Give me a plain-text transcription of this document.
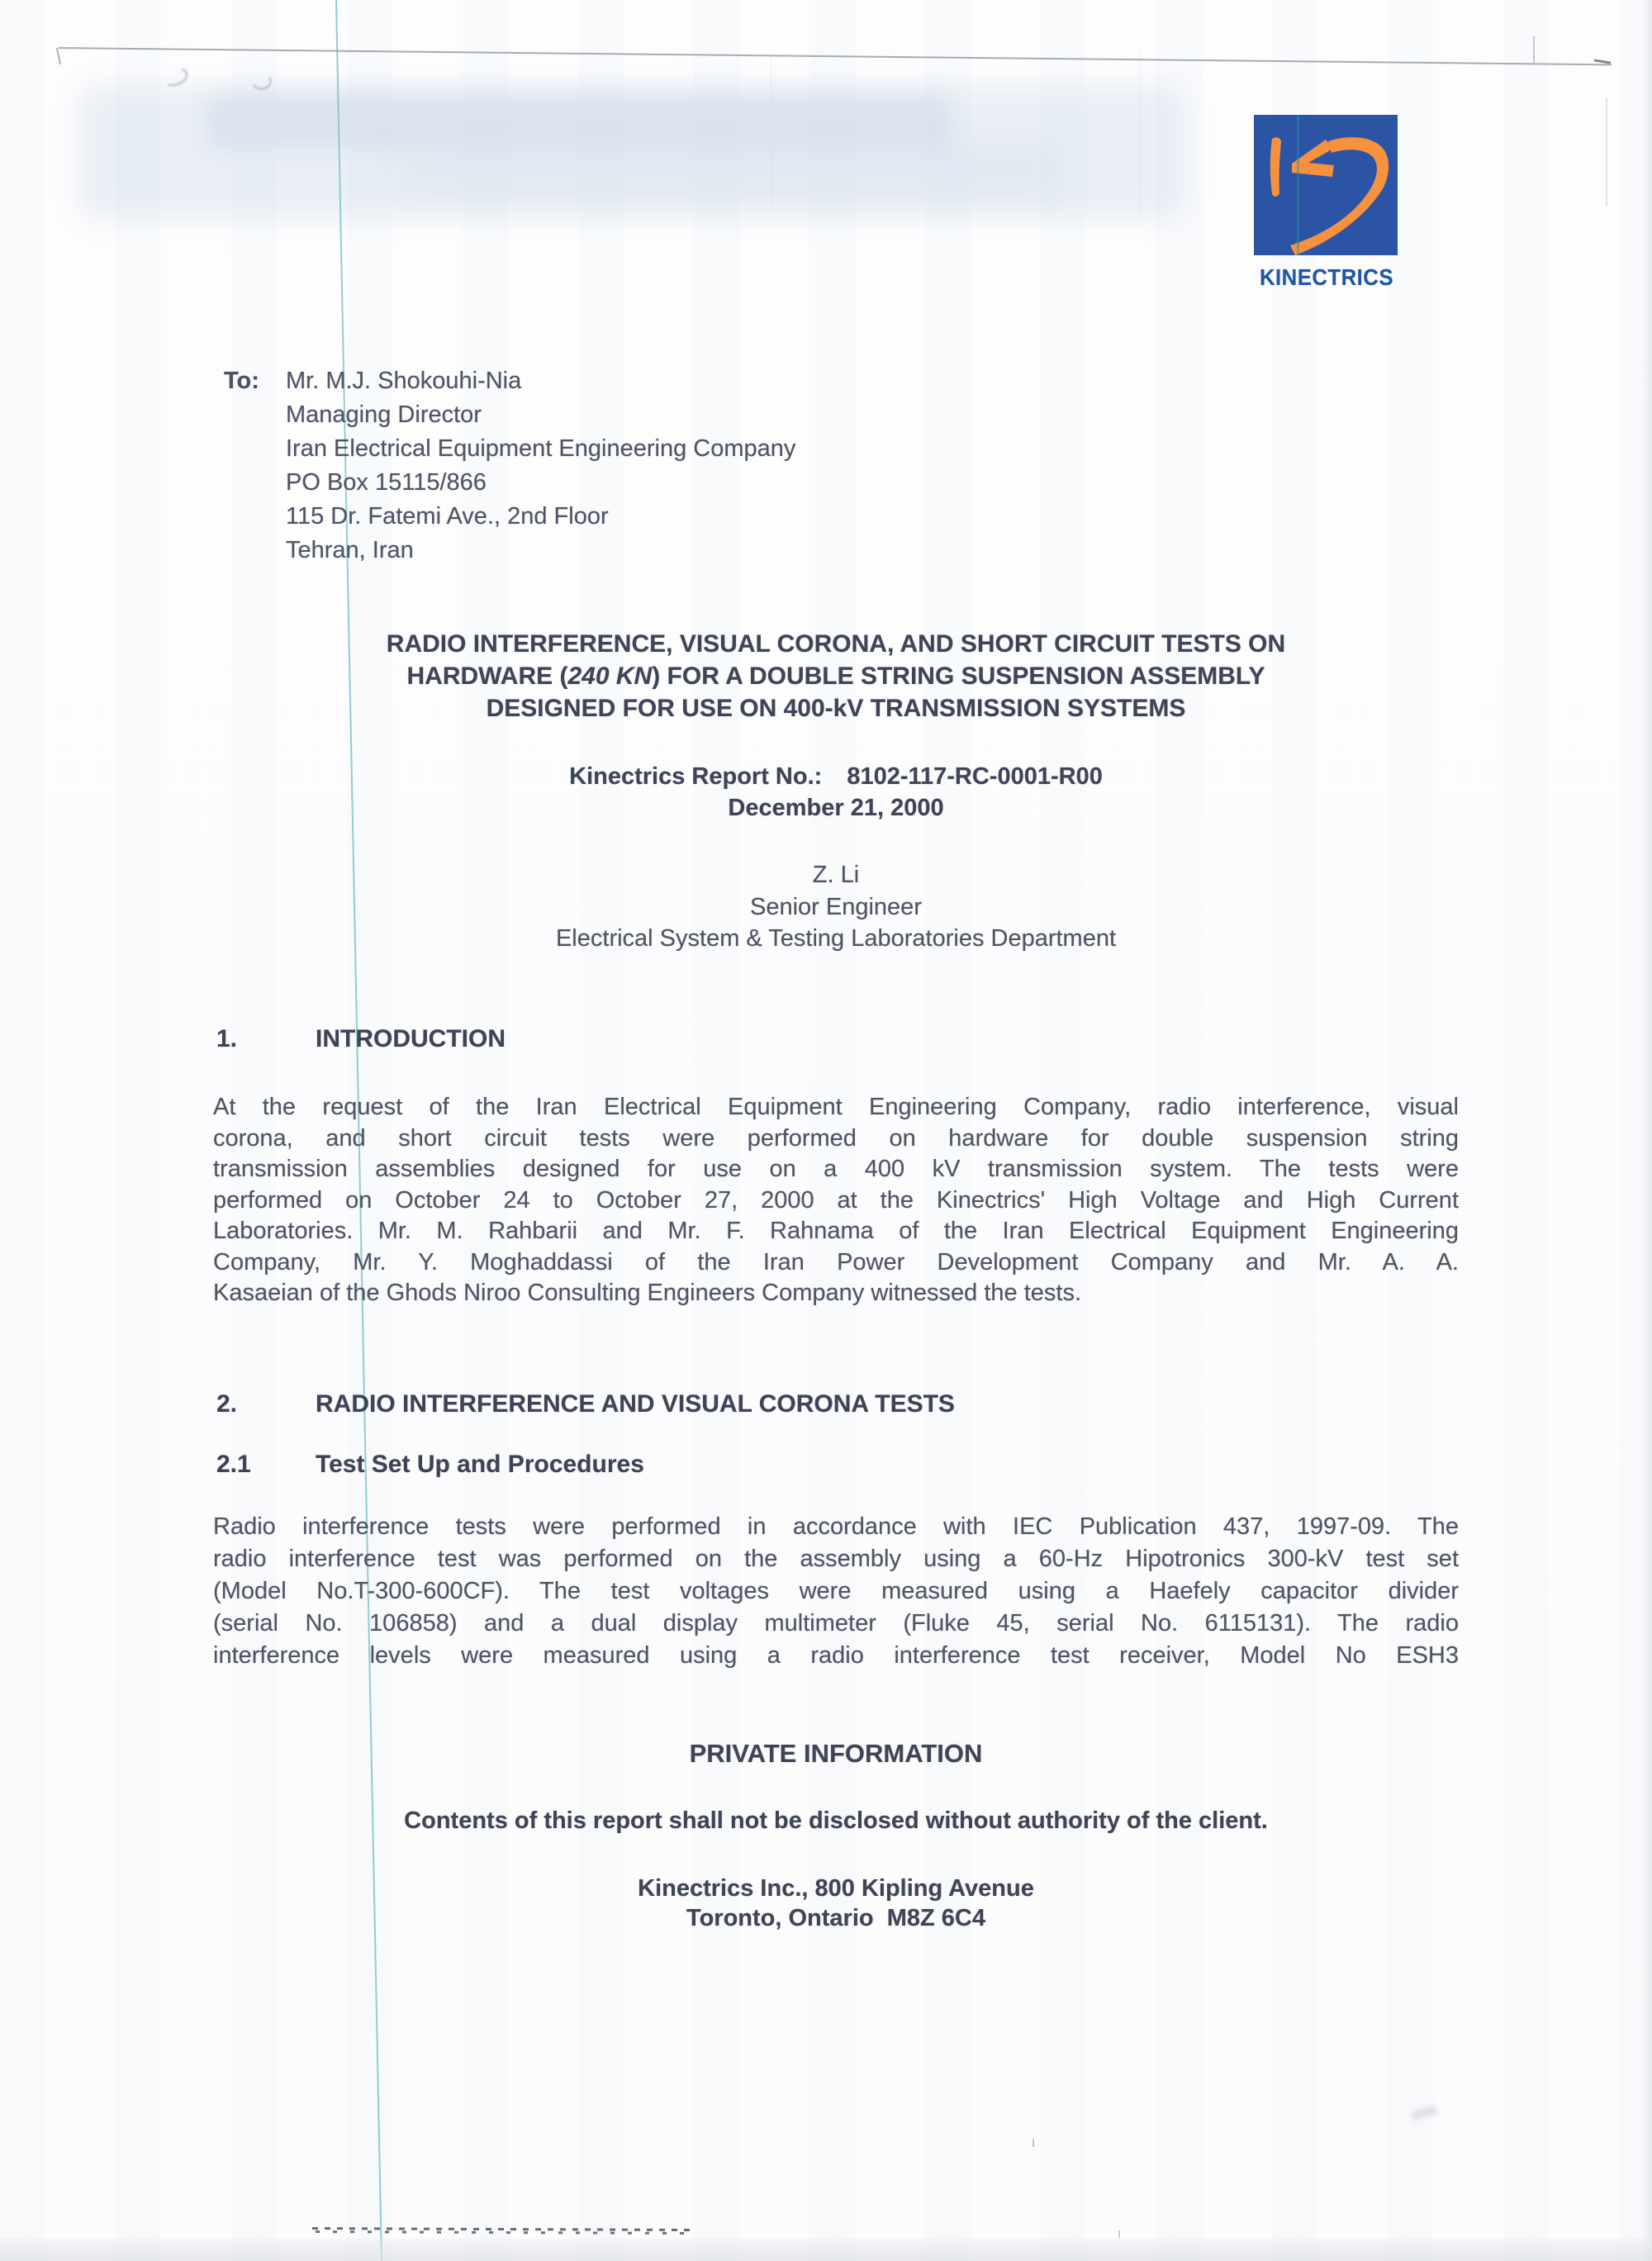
KINECTRICS
To: Mr. M.J. Shokouhi-Nia
Managing Director
Iran Electrical Equipment Engineering Company
PO Box 15115/866
115 Dr. Fatemi Ave., 2nd Floor
Tehran, Iran
RADIO INTERFERENCE, VISUAL CORONA, AND SHORT CIRCUIT TESTS ON
HARDWARE (240 KN) FOR A DOUBLE STRING SUSPENSION ASSEMBLY
DESIGNED FOR USE ON 400-kV TRANSMISSION SYSTEMS
Kinectrics Report No.: 8102-117-RC-0001-R00
December 21, 2000
Z. Li
Senior Engineer
Electrical System & Testing Laboratories Department
1.	INTRODUCTION
At the request of the Iran Electrical Equipment Engineering Company, radio interference, visual
corona, and short circuit tests were performed on hardware for double suspension string
transmission assemblies designed for use on a 400 kV transmission system. The tests were
performed on October 24 to October 27, 2000 at the Kinectrics' High Voltage and High Current
Laboratories. Mr. M. Rahbarii and Mr. F. Rahnama of the Iran Electrical Equipment Engineering
Company, Mr. Y. Moghaddassi of the Iran Power Development Company and Mr. A. A.
Kasaeian of the Ghods Niroo Consulting Engineers Company witnessed the tests.
2.	RADIO INTERFERENCE AND VISUAL CORONA TESTS
2.1	Test Set Up and Procedures
Radio interference tests were performed in accordance with IEC Publication 437, 1997-09. The
radio interference test was performed on the assembly using a 60-Hz Hipotronics 300-kV test set
(Model No.T-300-600CF). The test voltages were measured using a Haefely capacitor divider
(serial No. 106858) and a dual display multimeter (Fluke 45, serial No. 6115131). The radio
interference levels were measured using a radio interference test receiver, Model No ESH3
PRIVATE INFORMATION
Contents of this report shall not be disclosed without authority of the client.
Kinectrics Inc., 800 Kipling Avenue
Toronto, Ontario  M8Z 6C4
